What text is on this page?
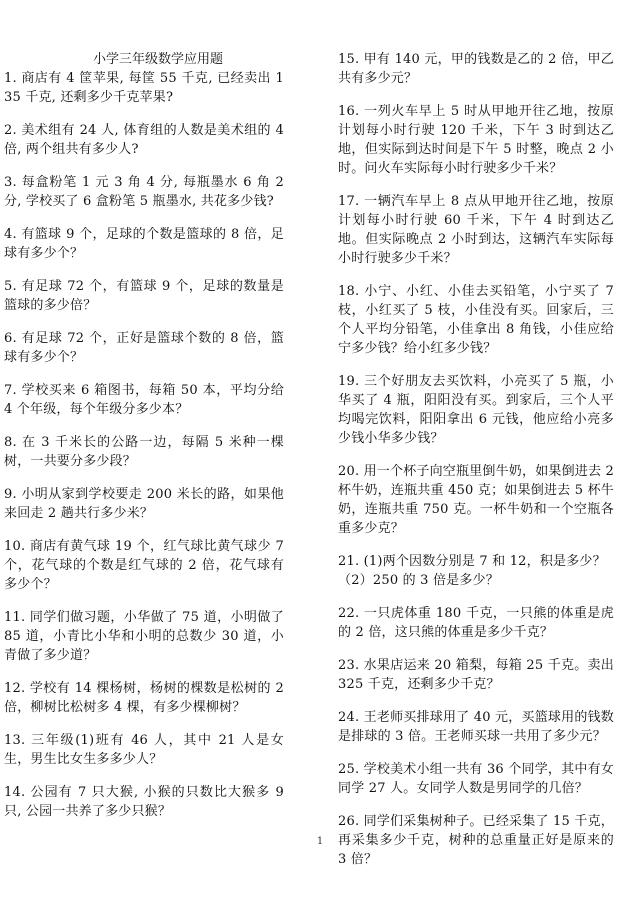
小学三年级数学应用题

1. 商店有 4 筐苹果, 每筐 55 千克, 已经卖出 135 千克, 还剩多少千克苹果?

2. 美术组有 24 人, 体育组的人数是美术组的 4 倍, 两个组共有多少人?

3. 每盒粉笔 1 元 3 角 4 分, 每瓶墨水 6 角 2 分, 学校买了 6 盒粉笔 5 瓶墨水, 共花多少钱?

4. 有篮球 9 个，足球的个数是篮球的 8 倍，足球有多少个？

5. 有足球 72 个，有篮球 9 个，足球的数量是篮球的多少倍？

6. 有足球 72 个，正好是篮球个数的 8 倍，篮球有多少个？

7. 学校买来 6 箱图书，每箱 50 本，平均分给 4 个年级，每个年级分多少本？

8. 在 3 千米长的公路一边，每隔 5 米种一棵树，一共要分多少段？

9. 小明从家到学校要走 200 米长的路，如果他来回走 2 趟共行多少米？

10. 商店有黄气球 19 个，红气球比黄气球少 7 个，花气球的个数是红气球的 2 倍，花气球有多少个？

11. 同学们做习题，小华做了 75 道，小明做了 85 道，小青比小华和小明的总数少 30 道，小青做了多少道？

12. 学校有 14 棵杨树，杨树的棵数是松树的 2 倍，柳树比松树多 4 棵，有多少棵柳树？

13. 三年级(1)班有 46 人，其中 21 人是女生，男生比女生多多少人？

14. 公园有 7 只大猴, 小猴的只数比大猴多 9 只, 公园一共养了多少只猴？

15. 甲有 140 元，甲的钱数是乙的 2 倍，甲乙共有多少元？

16. 一列火车早上 5 时从甲地开往乙地，按原计划每小时行驶 120 千米，下午 3 时到达乙地，但实际到达时间是下午 5 时整，晚点 2 小时。问火车实际每小时行驶多少千米？

17. 一辆汽车早上 8 点从甲地开往乙地，按原计划每小时行驶 60 千米，下午 4 时到达乙地。但实际晚点 2 小时到达，这辆汽车实际每小时行驶多少千米？

18. 小宁、小红、小佳去买铅笔，小宁买了 7 枝，小红买了 5 枝，小佳没有买。回家后，三个人平均分铅笔，小佳拿出 8 角钱，小佳应给宁多少钱？给小红多少钱？

19. 三个好朋友去买饮料，小亮买了 5 瓶，小华买了 4 瓶，阳阳没有买。到家后，三个人平均喝完饮料，阳阳拿出 6 元钱，他应给小亮多少钱小华多少钱？

20. 用一个杯子向空瓶里倒牛奶，如果倒进去 2 杯牛奶，连瓶共重 450 克；如果倒进去 5 杯牛奶，连瓶共重 750 克。一杯牛奶和一个空瓶各重多少克？

21. (1)两个因数分别是 7 和 12，积是多少？

（2）250 的 3 倍是多少？

22. 一只虎体重 180 千克，一只熊的体重是虎的 2 倍，这只熊的体重是多少千克？

23. 水果店运来 20 箱梨，每箱 25 千克。卖出 325 千克，还剩多少千克？

24. 王老师买排球用了 40 元，买篮球用的钱数是排球的 3 倍。王老师买球一共用了多少元？

25. 学校美术小组一共有 36 个同学，其中有女同学 27 人。女同学人数是男同学的几倍？

26. 同学们采集树种子。已经采集了 15 千克，再采集多少千克，树种的总重量正好是原来的 3 倍？

1
